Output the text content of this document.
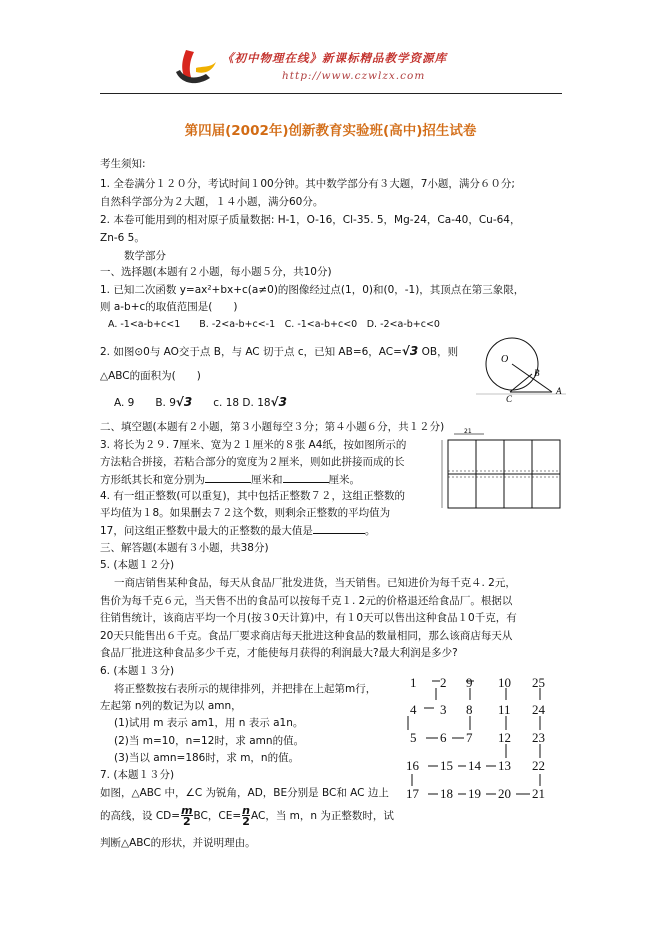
《初中物理在线》新课标精品教学资源库
http://www.czwlzx.com
第四届(2002年)创新教育实验班(高中)招生试卷
考生须知:
1. 全卷满分１２０分，考试时间１00分钟。其中数学部分有３大题，7小题，满分６０分;
自然科学部分为２大题，１４小题，满分60分。
2. 本卷可能用到的相对原子质量数据: H-1，O-16，Cl-35. 5，Mg-24，Ca-40，Cu-64，
Zn-6 5。
数学部分
一、选择题(本题有２小题，每小题５分，共10分)
1. 已知二次函数 y=ax²+bx+c(a≠0)的图像经过点(1，0)和(0，-1)，其顶点在第三象限，
则 a-b+c的取值范围是(　　)
A. -1<a-b+c<1　　B. -2<a-b+c<-1　C. -1<a-b+c<0　D. -2<a-b+c<0
2. 如图⊙0与 AO交于点 B，与 AC 切于点 c，已知 AB=6，AC=√3 OB，则
△ABC的面积为(　　)
A. 9　　B. 9√3　　c. 18 D. 18√3
O
B
A
C
二、填空题(本题有２小题，第３小题每空３分；第４小题６分，共１２分)
3. 将长为２９. 7厘米、宽为２１厘米的８张 A4纸，按如图所示的
方法粘合拼接，若粘合部分的宽度为２厘米，则如此拼接而成的长
方形纸其长和宽分别为	厘米和	厘米。
4. 有一组正整数(可以重复)，其中包括正整数７２，这组正整数的
平均值为１8。如果删去７２这个数，则剩余正整数的平均值为
17，问这组正整数中最大的正整数的最大值是	。
21
三、解答题(本题有３小题，共38分)
5. (本题１２分)
一商店销售某种食品，每天从食品厂批发进货，当天销售。已知进价为每千克４. 2元，
售价为每千克６元，当天售不出的食品可以按每千克１. 2元的价格退还给食品厂。根据以
往销售统计，该商店平均一个月(按３0天计算)中，有１0天可以售出这种食品１0千克，有
20天只能售出６千克。食品厂要求商店每天批进这种食品的数量相同，那么该商店每天从
食品厂批进这种食品多少千克，才能使每月获得的利润最大?最大利润是多少?
6. (本题１３分)
将正整数按右表所示的规律排列，并把排在上起第m行，
左起第 n列的数记为以 amn，
(1)试用 m 表示 am1，用 n 表示 a1n。
(2)当 m=10，n=12时，求 amn的值。
(3)当以 amn=186时，求 m，n的值。
7. (本题１３分)
如图，△ABC 中，∠C 为锐角，AD，BE分别是 BC和 AC 边上
的高线，设 $CD= \frac{m}{2}$ BC，$CE= \frac{n}{2}$ AC，当 m，n 为正整数时，试
判断△ABC的形状，并说明理由。
1 2 9 10 25
4 3 8 11 24
5 6 7 12 23
16 15 14 13 22
17 18 19 20 21
